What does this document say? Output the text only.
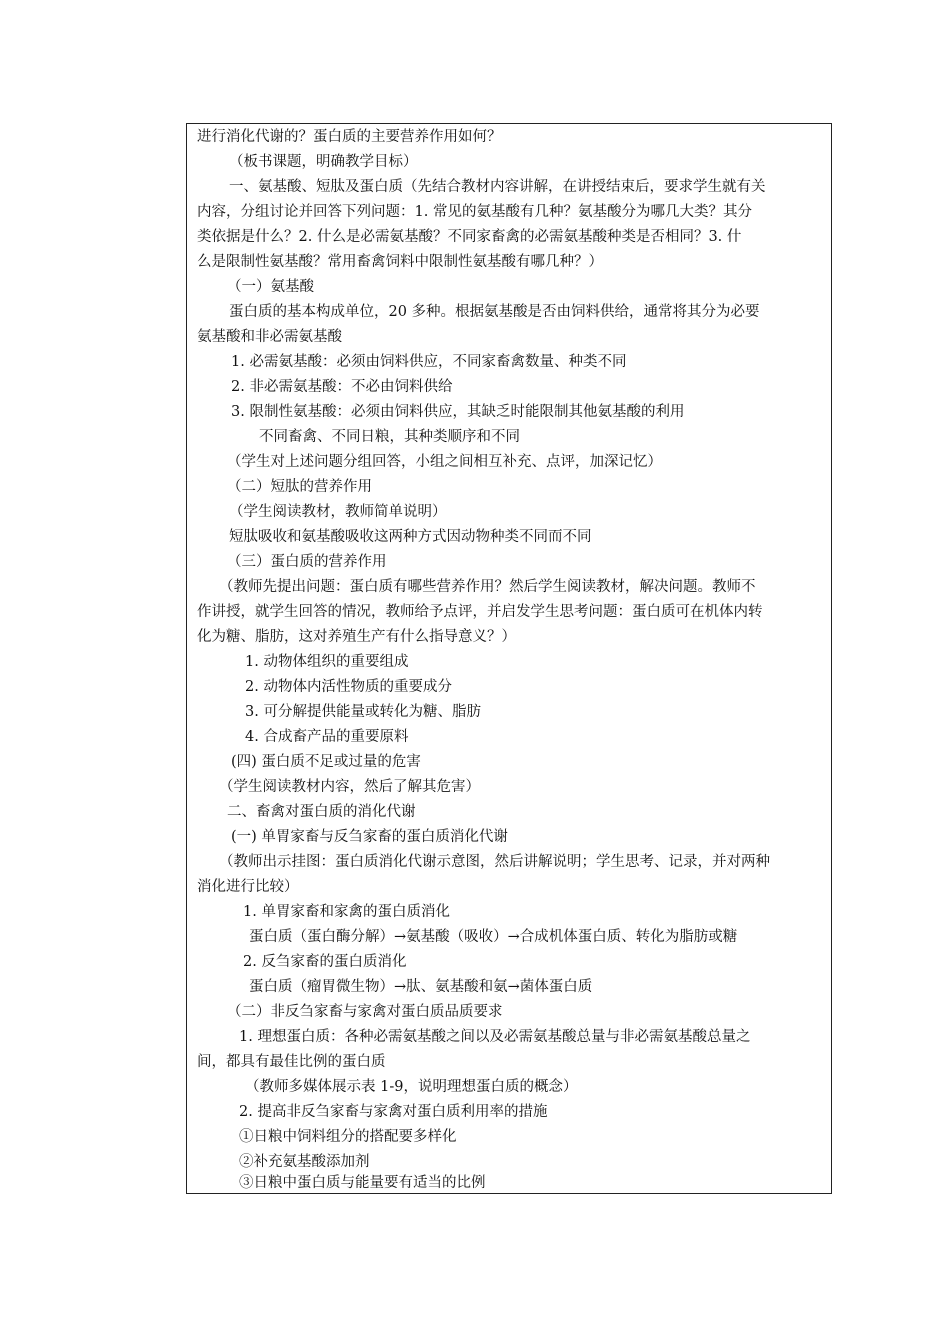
进行消化代谢的？蛋白质的主要营养作用如何？
（板书课题，明确教学目标）
一、氨基酸、短肽及蛋白质（先结合教材内容讲解，在讲授结束后，要求学生就有关
内容，分组讨论并回答下列问题：1. 常见的氨基酸有几种？氨基酸分为哪几大类？其分
类依据是什么？2. 什么是必需氨基酸？不同家畜禽的必需氨基酸种类是否相同？3. 什
么是限制性氨基酸？常用畜禽饲料中限制性氨基酸有哪几种？）
（一）氨基酸
蛋白质的基本构成单位，20 多种。根据氨基酸是否由饲料供给，通常将其分为必要
氨基酸和非必需氨基酸
1. 必需氨基酸：必须由饲料供应，不同家畜禽数量、种类不同
2. 非必需氨基酸：不必由饲料供给
3. 限制性氨基酸：必须由饲料供应，其缺乏时能限制其他氨基酸的利用
不同畜禽、不同日粮，其种类顺序和不同
（学生对上述问题分组回答，小组之间相互补充、点评，加深记忆）
（二）短肽的营养作用
（学生阅读教材，教师简单说明）
短肽吸收和氨基酸吸收这两种方式因动物种类不同而不同
（三）蛋白质的营养作用
（教师先提出问题：蛋白质有哪些营养作用？然后学生阅读教材，解决问题。教师不
作讲授，就学生回答的情况，教师给予点评，并启发学生思考问题：蛋白质可在机体内转
化为糖、脂肪，这对养殖生产有什么指导意义？）
1. 动物体组织的重要组成
2. 动物体内活性物质的重要成分
3. 可分解提供能量或转化为糖、脂肪
4. 合成畜产品的重要原料
(四) 蛋白质不足或过量的危害
（学生阅读教材内容，然后了解其危害）
二、畜禽对蛋白质的消化代谢
(一) 单胃家畜与反刍家畜的蛋白质消化代谢
（教师出示挂图：蛋白质消化代谢示意图，然后讲解说明；学生思考、记录，并对两种
消化进行比较）
1. 单胃家畜和家禽的蛋白质消化
蛋白质（蛋白酶分解）→氨基酸（吸收）→合成机体蛋白质、转化为脂肪或糖
2. 反刍家畜的蛋白质消化
蛋白质（瘤胃微生物）→肽、氨基酸和氨→菌体蛋白质
（二）非反刍家畜与家禽对蛋白质品质要求
1. 理想蛋白质：各种必需氨基酸之间以及必需氨基酸总量与非必需氨基酸总量之
间，都具有最佳比例的蛋白质
（教师多媒体展示表 1-9，说明理想蛋白质的概念）
2. 提高非反刍家畜与家禽对蛋白质利用率的措施
①日粮中饲料组分的搭配要多样化
②补充氨基酸添加剂
③日粮中蛋白质与能量要有适当的比例
